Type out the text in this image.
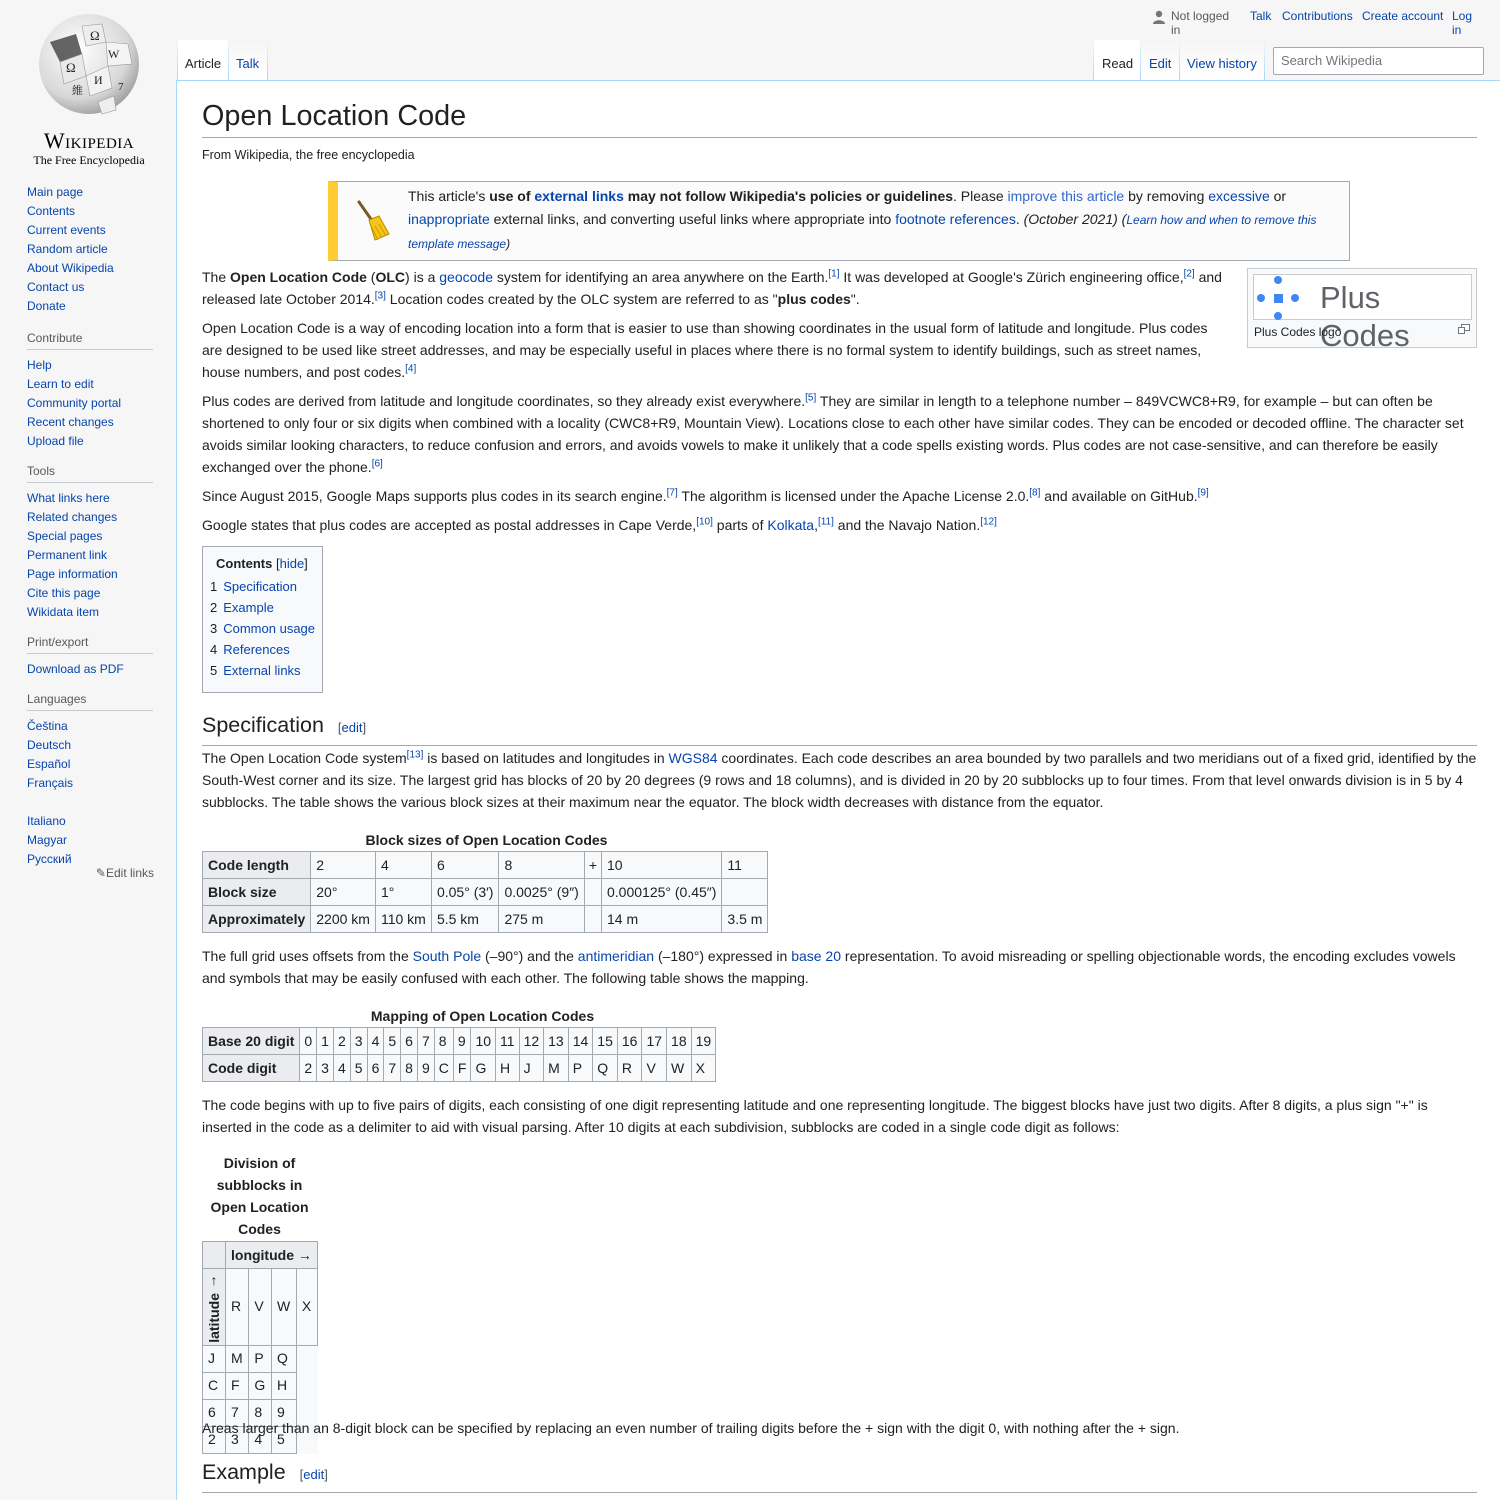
Ω
W
Ω
И
維	7
Wikipedia
The Free Encyclopedia
Main page
Contents
Current events
Random article
About Wikipedia
Contact us
Donate
Contribute
Help
Learn to edit
Community portal
Recent changes
Upload file
Tools
What links here
Related changes
Special pages
Permanent link
Page information
Cite this page
Wikidata item
Print/export
Download as PDF
Languages
Čeština
Deutsch
Español
Français
Italiano
Magyar
Русский
✎Edit links
Not logged in
Talk Contributions Create account Log in
Article	Talk	Read	Edit	View history	Search Wikipedia
Open Location Code
From Wikipedia, the free encyclopedia
This article's use of external links may not follow Wikipedia's policies or guidelines. Please improve this article by removing excessive or
inappropriate external links, and converting useful links where appropriate into footnote references. (October 2021) (Learn how and when to remove this
template message)
Plus Codes
Plus Codes logo
The Open Location Code (OLC) is a geocode system for identifying an area anywhere on the Earth.[1] It was developed at Google's Zürich engineering office,[2] and
released late October 2014.[3] Location codes created by the OLC system are referred to as "plus codes".
Open Location Code is a way of encoding location into a form that is easier to use than showing coordinates in the usual form of latitude and longitude. Plus codes
are designed to be used like street addresses, and may be especially useful in places where there is no formal system to identify buildings, such as street names,
house numbers, and post codes.[4]
Plus codes are derived from latitude and longitude coordinates, so they already exist everywhere.[5] They are similar in length to a telephone number – 849VCWC8+R9, for example – but can often be
shortened to only four or six digits when combined with a locality (CWC8+R9, Mountain View). Locations close to each other have similar codes. They can be encoded or decoded offline. The character set
avoids similar looking characters, to reduce confusion and errors, and avoids vowels to make it unlikely that a code spells existing words. Plus codes are not case-sensitive, and can therefore be easily
exchanged over the phone.[6]
Since August 2015, Google Maps supports plus codes in its search engine.[7] The algorithm is licensed under the Apache License 2.0.[8] and available on GitHub.[9]
Google states that plus codes are accepted as postal addresses in Cape Verde,[10] parts of Kolkata,[11] and the Navajo Nation.[12]
Contents [hide]
1 Specification
2 Example
3 Common usage
4 References
5 External links
Specification [edit]
The Open Location Code system[13] is based on latitudes and longitudes in WGS84 coordinates. Each code describes an area bounded by two parallels and two meridians out of a fixed grid, identified by the
South-West corner and its size. The largest grid has blocks of 20 by 20 degrees (9 rows and 18 columns), and is divided in 20 by 20 subblocks up to four times. From that level onwards division is in 5 by 4
subblocks. The table shows the various block sizes at their maximum near the equator. The block width decreases with distance from the equator.
Block sizes of Open Location Codes
Code length	2	4	6	8	+	10	11
Block size	20°	1°	0.05° (3′)	0.0025° (9″)		0.000125° (0.45″)	
Approximately	2200 km	110 km	5.5 km	275 m		14 m	3.5 m
The full grid uses offsets from the South Pole (–90°) and the antimeridian (–180°) expressed in base 20 representation. To avoid misreading or spelling objectionable words, the encoding excludes vowels
and symbols that may be easily confused with each other. The following table shows the mapping.
Mapping of Open Location Codes
Base 20 digit	0	1	2	3	4	5	6	7	8	9	10	11	12	13	14	15	16	17	18	19
Code digit	2	3	4	5	6	7	8	9	C	F	G	H	J	M	P	Q	R	V	W	X
The code begins with up to five pairs of digits, each consisting of one digit representing latitude and one representing longitude. The biggest blocks have just two digits. After 8 digits, a plus sign "+" is
inserted in the code as a delimiter to aid with visual parsing. After 10 digits at each subdivision, subblocks are coded in a single code digit as follows:
Division of
subblocks in
Open Location
Codes
	longitude →			

↑
latitude	R	V	W	X
J	M	P	Q	
C	F	G	H	
6	7	8	9	
2	3	4	5	
Areas larger than an 8-digit block can be specified by replacing an even number of trailing digits before the + sign with the digit 0, with nothing after the + sign.
Example [edit]
